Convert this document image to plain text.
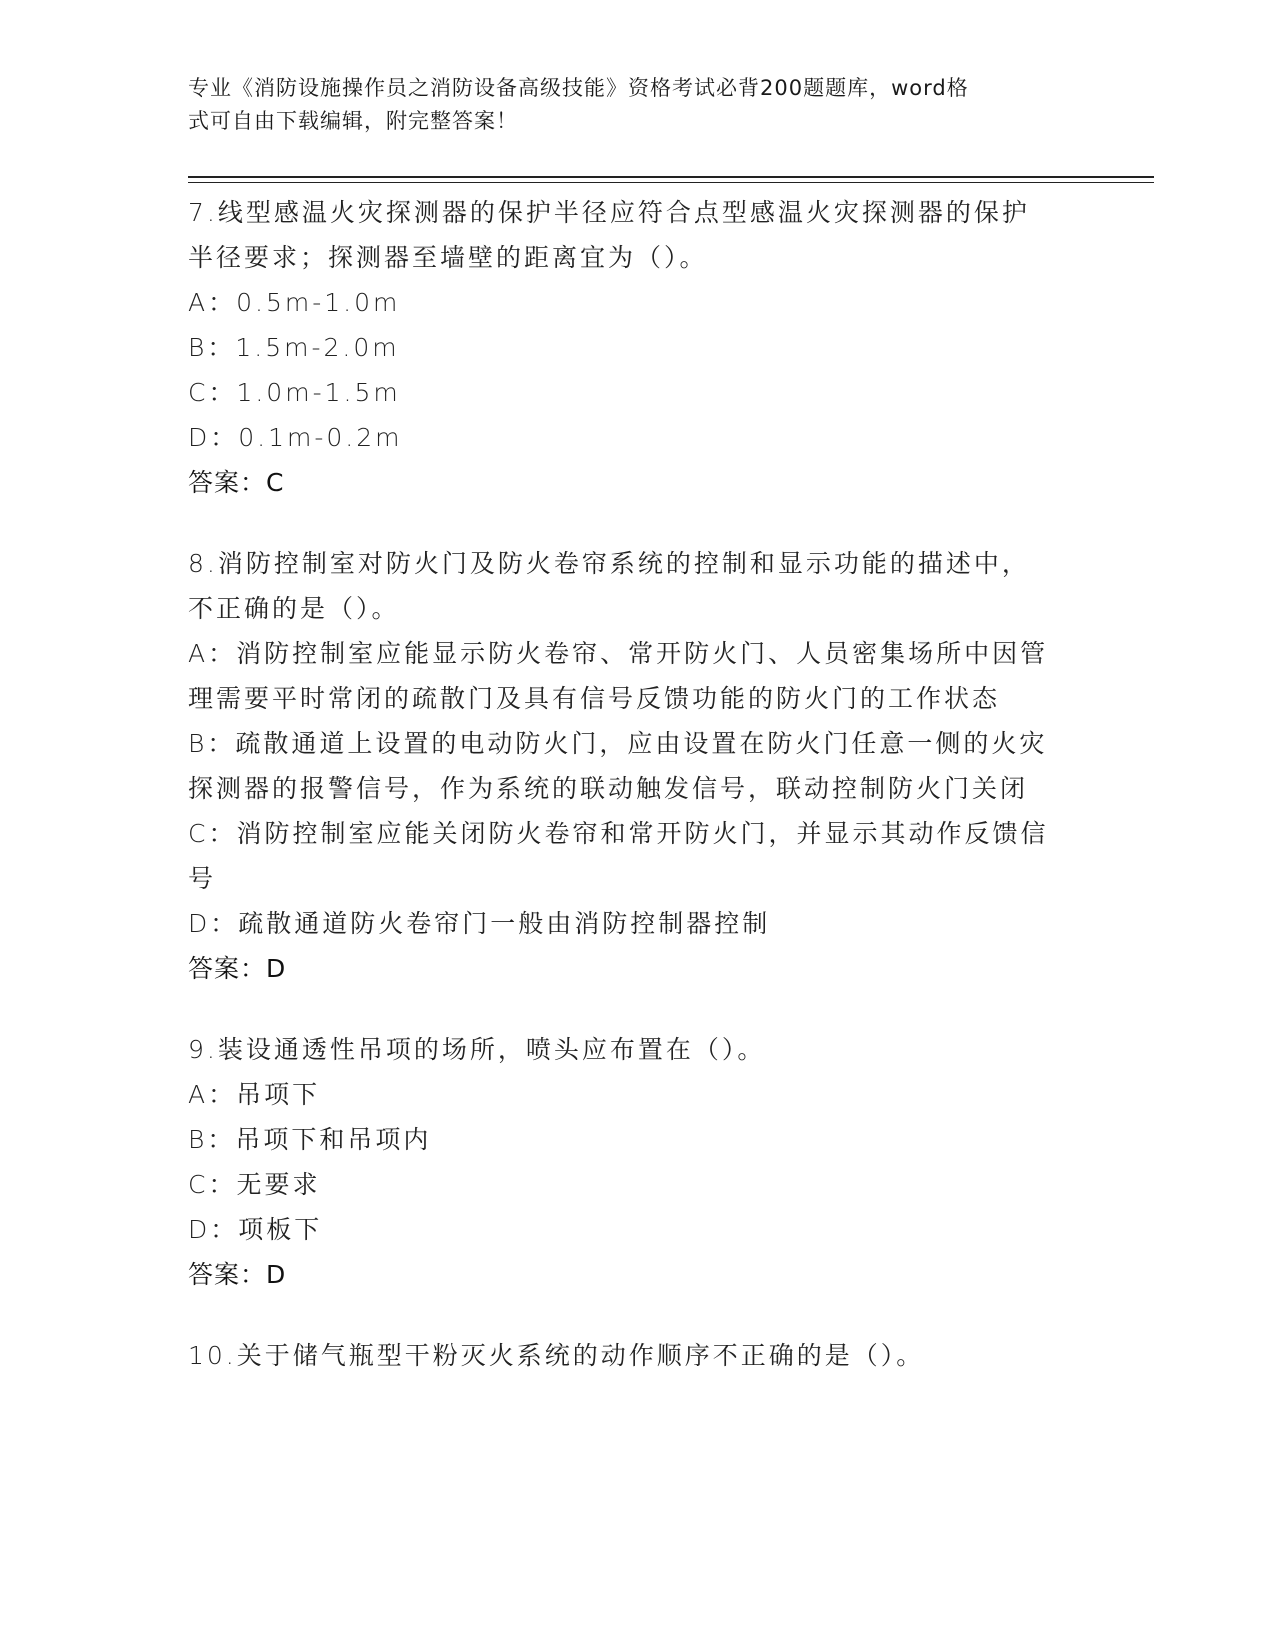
专业《消防设施操作员之消防设备高级技能》资格考试必背200题题库，word格
式可自由下载编辑，附完整答案！
7.线型感温火灾探测器的保护半径应符合点型感温火灾探测器的保护
半径要求；探测器至墙壁的距离宜为（）。
A：0.5m-1.0m
B：1.5m-2.0m
C：1.0m-1.5m
D：0.1m-0.2m
答案：C
8.消防控制室对防火门及防火卷帘系统的控制和显示功能的描述中，
不正确的是（）。
A：消防控制室应能显示防火卷帘、常开防火门、人员密集场所中因管
理需要平时常闭的疏散门及具有信号反馈功能的防火门的工作状态
B：疏散通道上设置的电动防火门，应由设置在防火门任意一侧的火灾
探测器的报警信号，作为系统的联动触发信号，联动控制防火门关闭
C：消防控制室应能关闭防火卷帘和常开防火门，并显示其动作反馈信
号
D：疏散通道防火卷帘门一般由消防控制器控制
答案：D
9.装设通透性吊项的场所，喷头应布置在（）。
A：吊项下
B：吊项下和吊项内
C：无要求
D：项板下
答案：D
10.关于储气瓶型干粉灭火系统的动作顺序不正确的是（）。
